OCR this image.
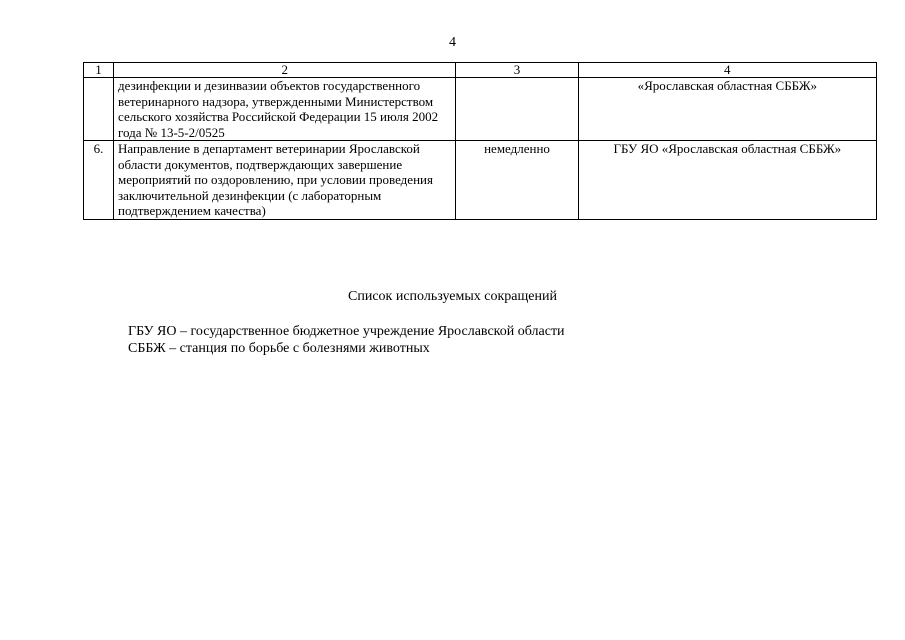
4
1	2	3	4
	дезинфекции и дезинвазии объектов государственного ветеринарного надзора, утвержденными Министерством сельского хозяйства Российской Федерации 15 июля 2002 года № 13-5-2/0525		«Ярославская областная СББЖ»
6.	Направление в департамент ветеринарии Ярославской области документов, подтверждающих завершение мероприятий по оздоровлению, при условии проведения заключительной дезинфекции (с лабораторным подтверждением качества)	немедленно	ГБУ ЯО «Ярославская областная СББЖ»
Список используемых сокращений
ГБУ ЯО – государственное бюджетное учреждение Ярославской области
СББЖ – станция по борьбе с болезнями животных
